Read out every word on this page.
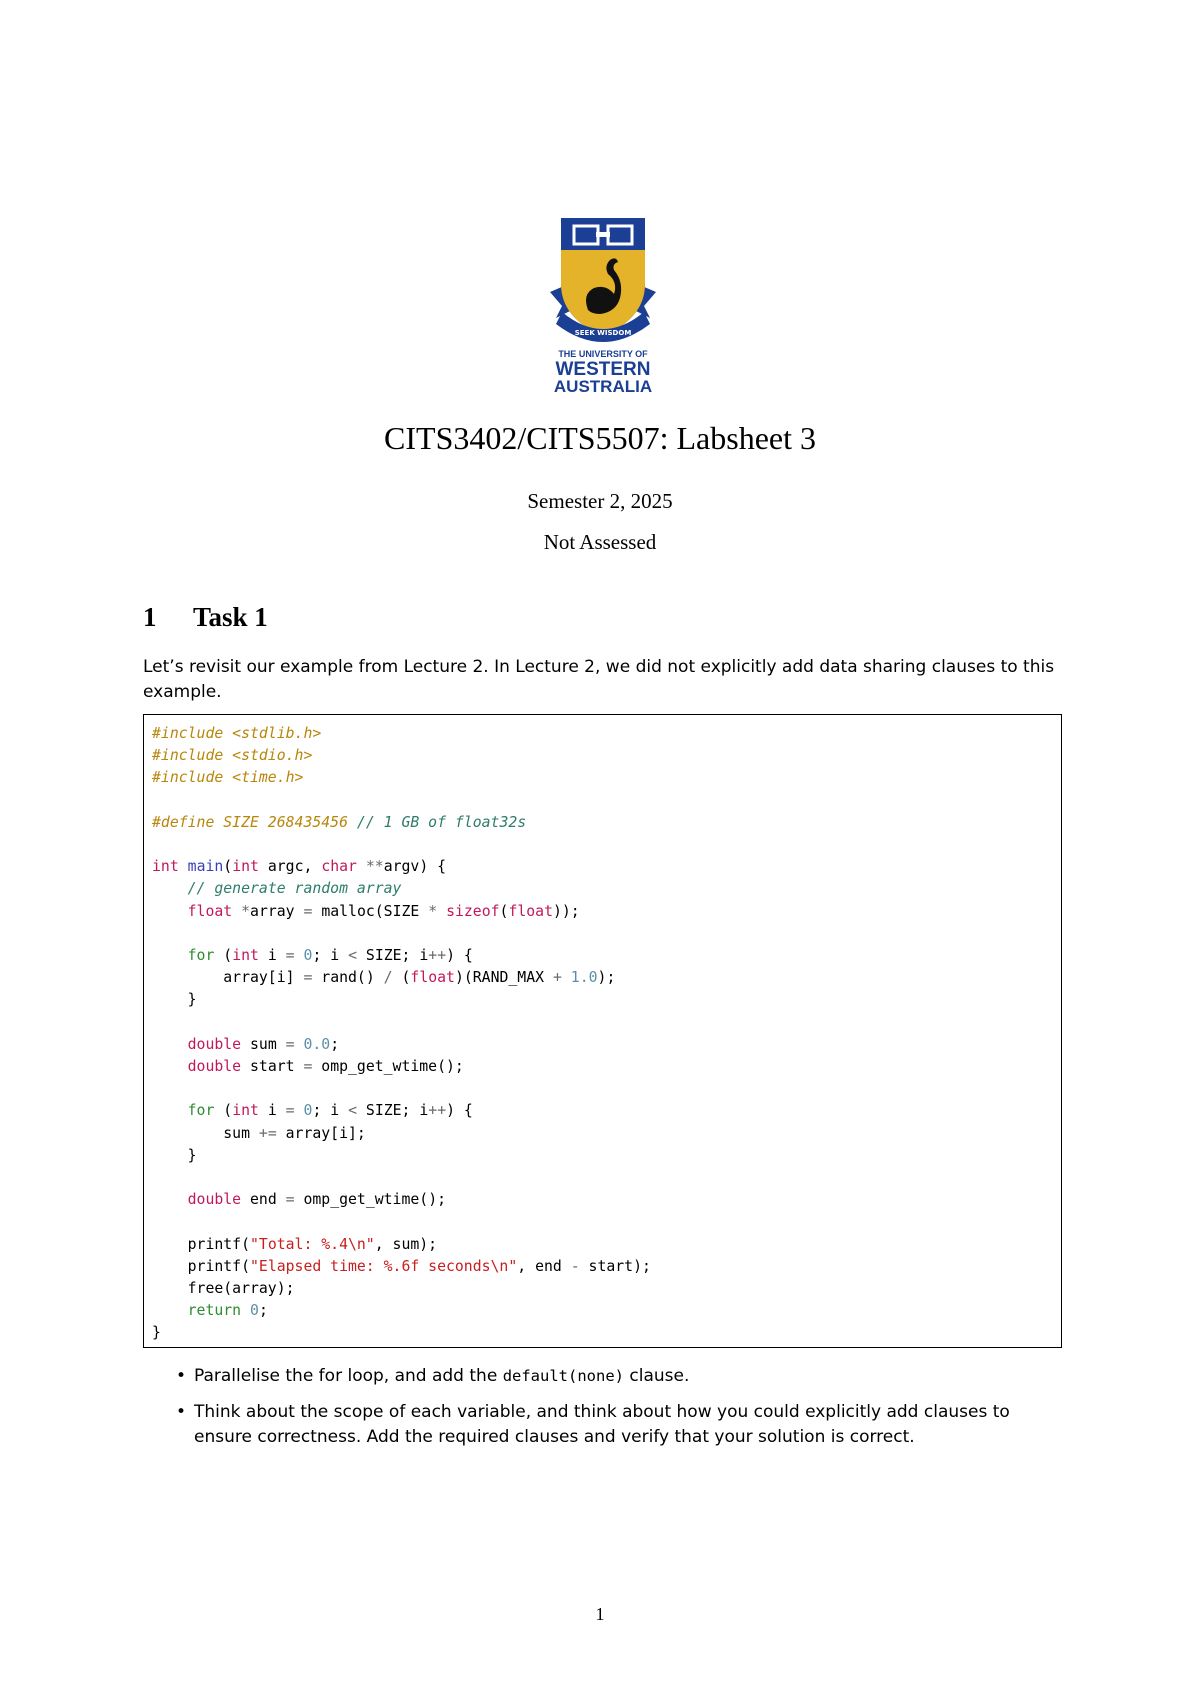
SEEK WISDOM
THE UNIVERSITY OF
WESTERN
AUSTRALIA
CITS3402/CITS5507: Labsheet 3
Semester 2, 2025
Not Assessed
1 Task 1

Let’s revisit our example from Lecture 2. In Lecture 2, we did not explicitly add data sharing clauses to this example.

#include <stdlib.h>
#include <stdio.h>
#include <time.h>

#define SIZE 268435456 // 1 GB of float32s

int main(int argc, char **argv) {
// generate random array
float *array = malloc(SIZE * sizeof(float));

for (int i = 0; i < SIZE; i++) {
array[i] = rand() / (float)(RAND_MAX + 1.0);
}

double sum = 0.0;
double start = omp_get_wtime();

for (int i = 0; i < SIZE; i++) {
sum += array[i];
}

double end = omp_get_wtime();

printf("Total: %.4\n", sum);
printf("Elapsed time: %.6f seconds\n", end - start);
free(array);
return 0;
}
• Parallelise the for loop, and add the default(none) clause.
• Think about the scope of each variable, and think about how you could explicitly add clauses to ensure correctness. Add the required clauses and verify that your solution is correct.
1
